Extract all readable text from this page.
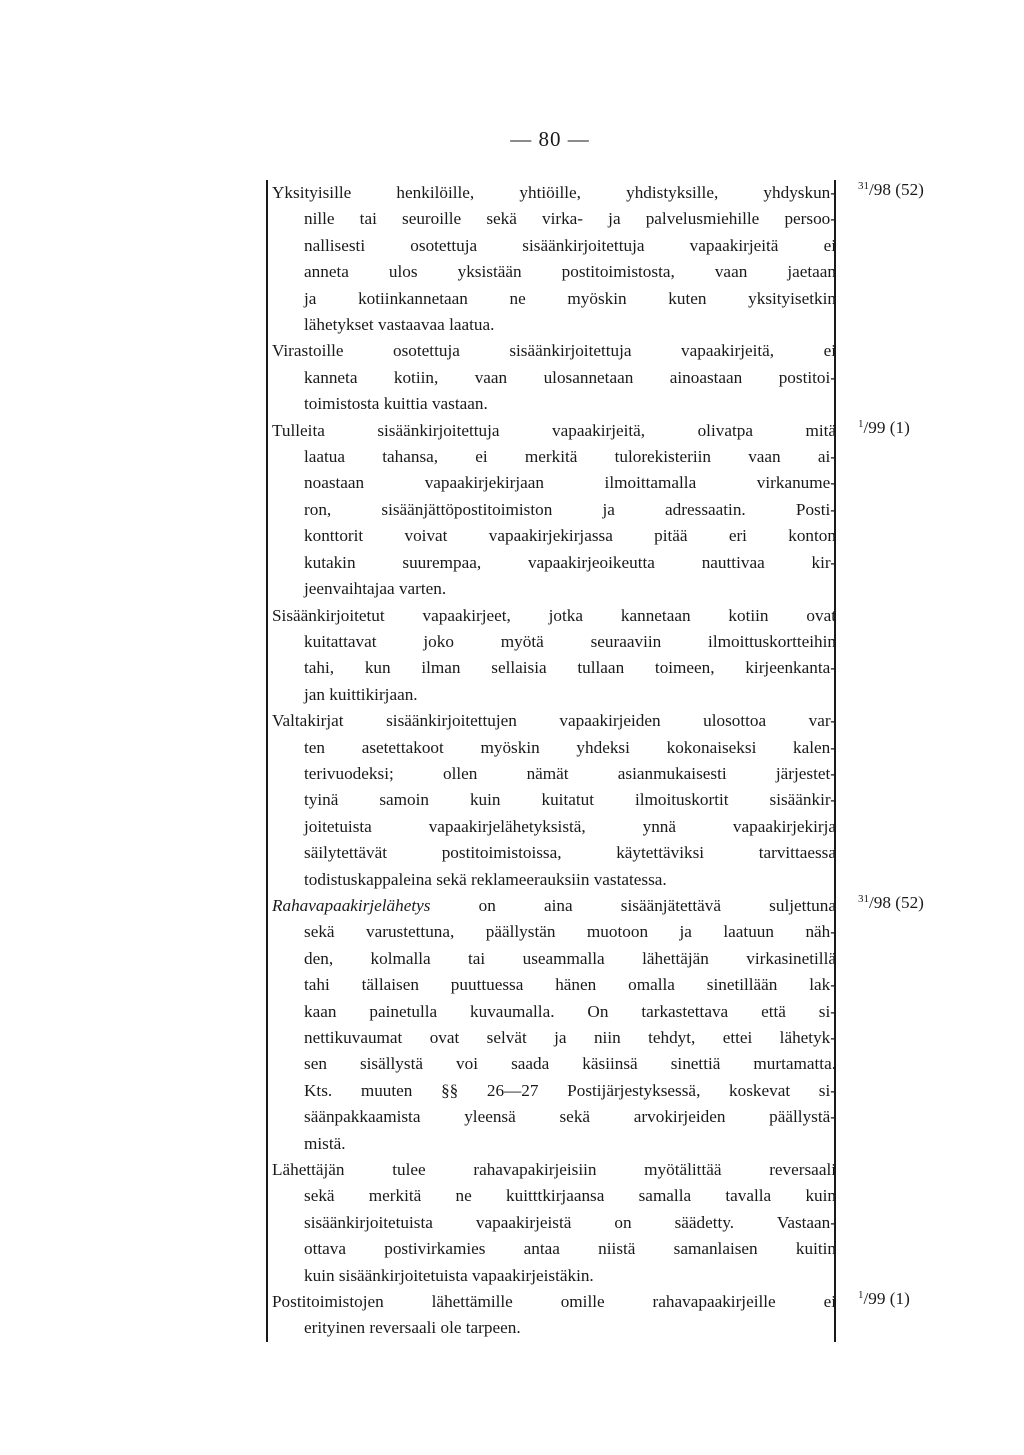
— 80 —
$^{31}$/98 (52)
$^1$/99 (1)
$^{31}$/98 (52)
$^1$/99 (1)

Yksityisille henkilöille, yhtiöille, yhdistyksille, yhdyskun-
nille tai seuroille sekä virka- ja palvelusmiehille persoo-
nallisesti osotettuja sisäänkirjoitettuja vapaakirjeitä ei
anneta ulos yksistään postitoimistosta, vaan jaetaan
ja kotiinkannetaan ne myöskin kuten yksityisetkin
lähetykset vastaavaa laatua.

Virastoille osotettuja sisäänkirjoitettuja vapaakirjeitä, ei
kanneta kotiin, vaan ulosannetaan ainoastaan postitoi-
toimistosta kuittia vastaan.

Tulleita sisäänkirjoitettuja vapaakirjeitä, olivatpa mitä
laatua tahansa, ei merkitä tulorekisteriin vaan ai-
noastaan vapaakirjekirjaan ilmoittamalla virkanume-
ron, sisäänjättöpostitoimiston ja adressaatin. Posti-
konttorit voivat vapaakirjekirjassa pitää eri konton
kutakin suurempaa, vapaakirjeoikeutta nauttivaa kir-
jeenvaihtajaa varten.

Sisäänkirjoitetut vapaakirjeet, jotka kannetaan kotiin ovat
kuitattavat joko myötä seuraaviin ilmoittuskortteihin
tahi, kun ilman sellaisia tullaan toimeen, kirjeenkanta-
jan kuittikirjaan.

Valtakirjat sisäänkirjoitettujen vapaakirjeiden ulosottoa var-
ten asetettakoot myöskin yhdeksi kokonaiseksi kalen-
terivuodeksi; ollen nämät asianmukaisesti järjestet-
tyinä samoin kuin kuitatut ilmoituskortit sisäänkir-
joitetuista vapaakirjelähetyksistä, ynnä vapaakirjekirja
säilytettävät postitoimistoissa, käytettäviksi tarvittaessa
todistuskappaleina sekä reklameerauksiin vastatessa.

Rahavapaakirjelähetys on aina sisäänjätettävä suljettuna
sekä varustettuna, päällystän muotoon ja laatuun näh-
den, kolmalla tai useammalla lähettäjän virkasinetillä
tahi tällaisen puuttuessa hänen omalla sinetillään lak-
kaan painetulla kuvaumalla. On tarkastettava että si-
nettikuvaumat ovat selvät ja niin tehdyt, ettei lähetyk-
sen sisällystä voi saada käsiinsä sinettiä murtamatta.
Kts. muuten §§ 26—27 Postijärjestyksessä, koskevat si-
säänpakkaamista yleensä sekä arvokirjeiden päällystä-
mistä.

Lähettäjän tulee rahavapakirjeisiin myötälittää reversaali
sekä merkitä ne kuitttkirjaansa samalla tavalla kuin
sisäänkirjoitetuista vapaakirjeistä on säädetty. Vastaan-
ottava postivirkamies antaa niistä samanlaisen kuitin
kuin sisäänkirjoitetuista vapaakirjeistäkin.

Postitoimistojen lähettämille omille rahavapaakirjeille ei
erityinen reversaali ole tarpeen.
